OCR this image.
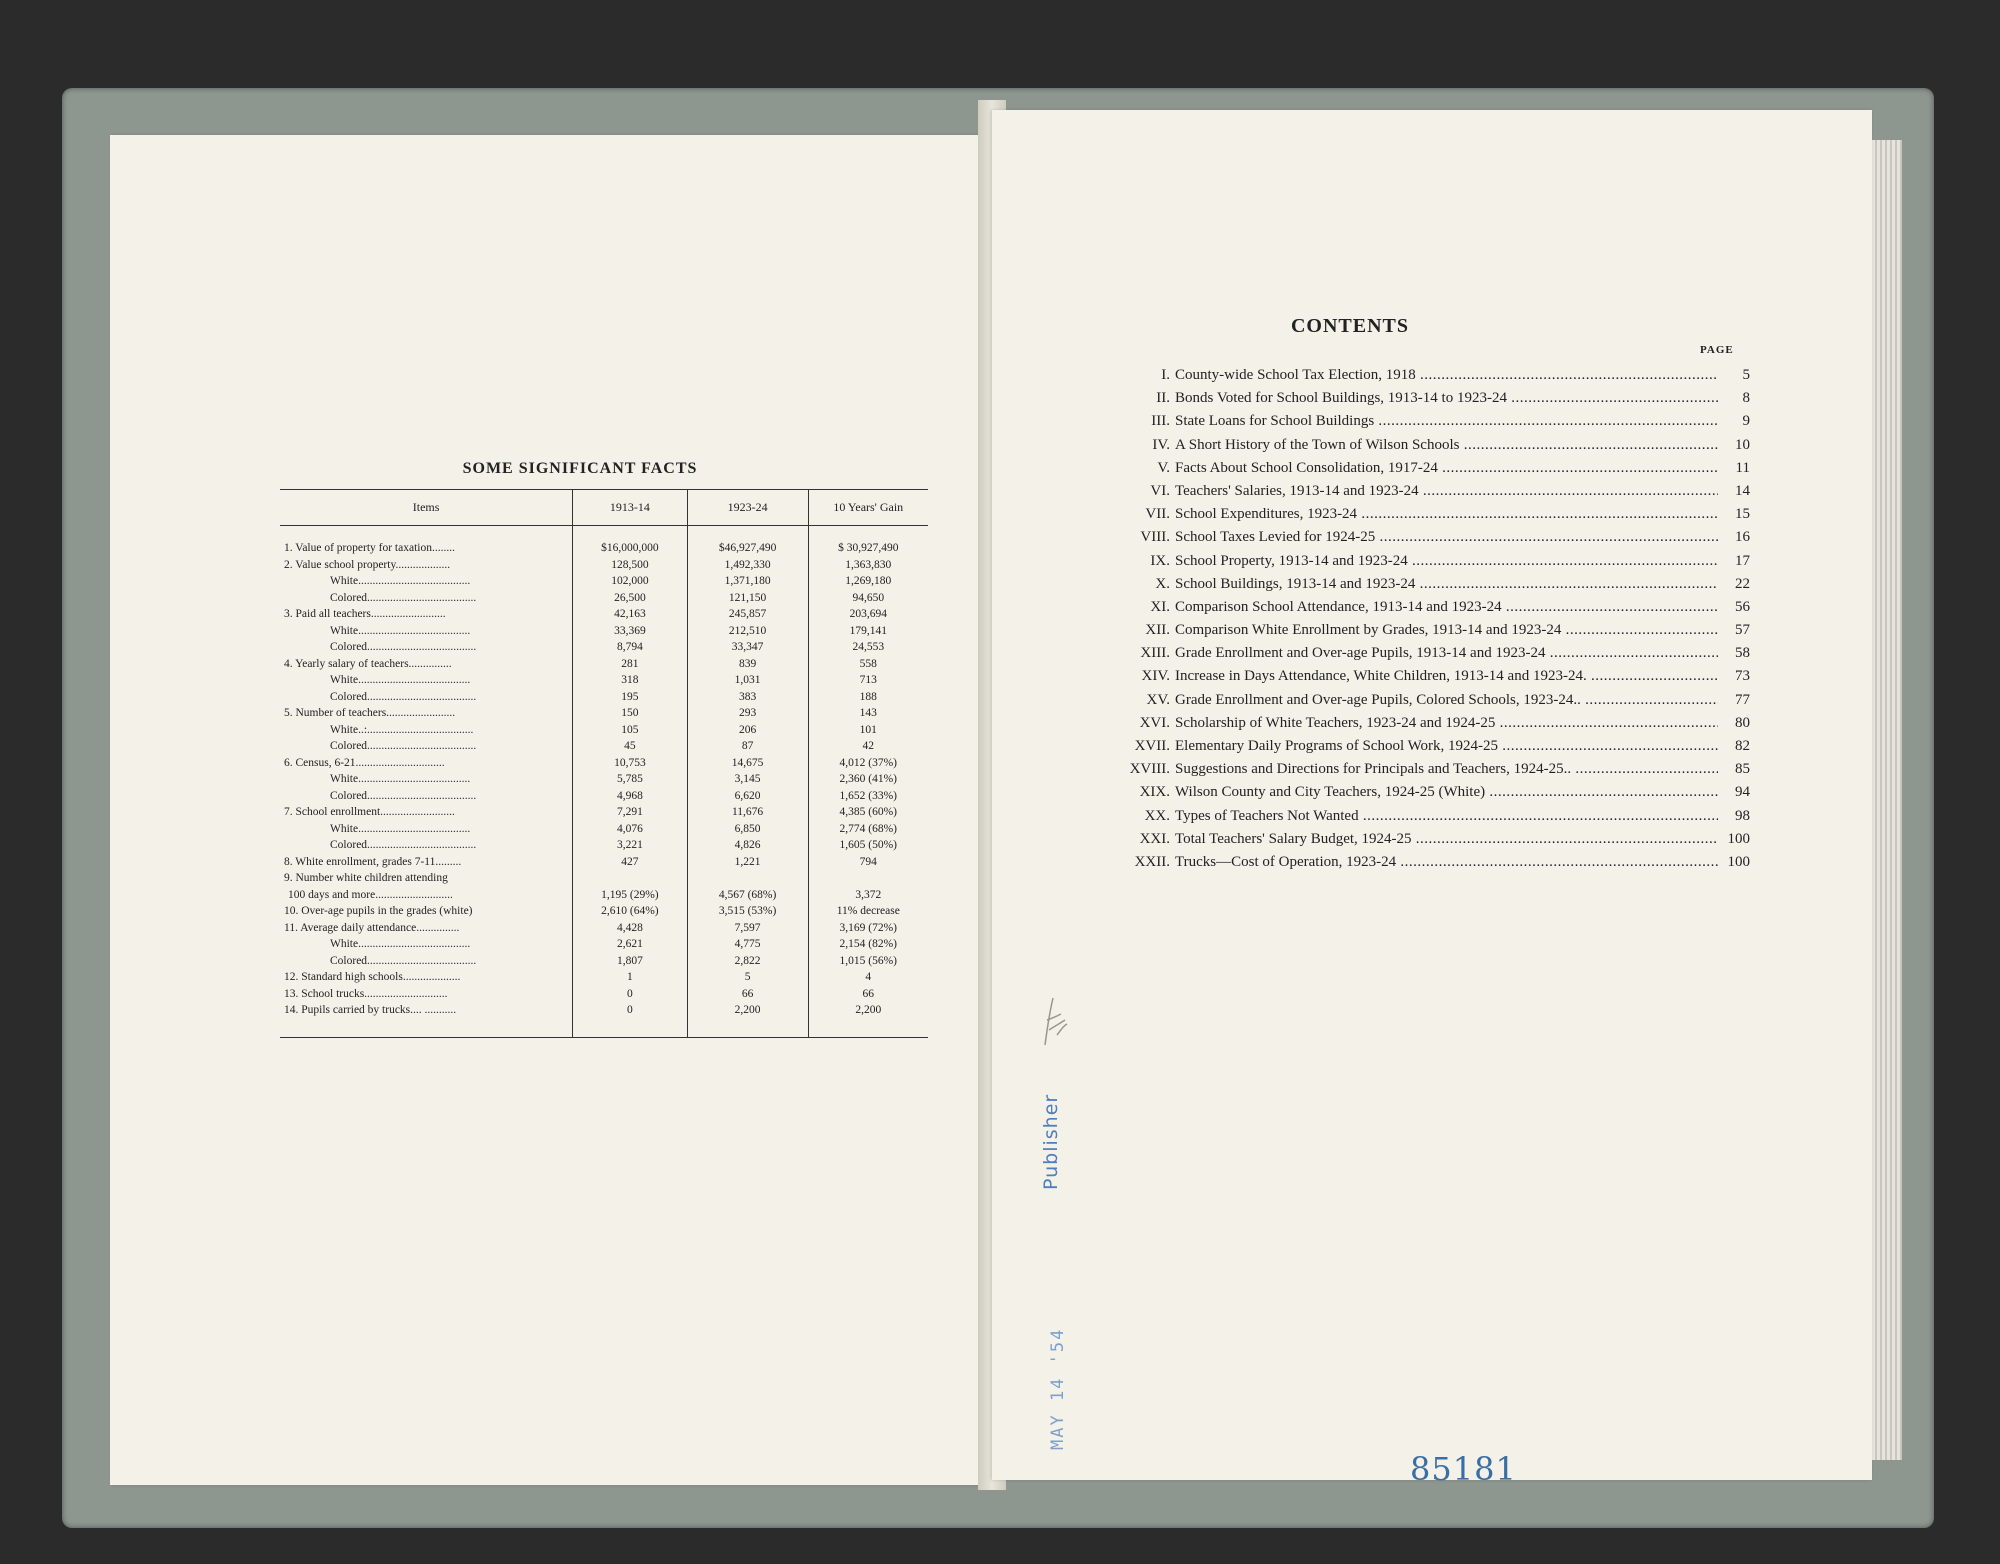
SOME SIGNIFICANT FACTS
Items	1913-14	1923-24	10 Years' Gain
1. Value of property for taxation........	$16,000,000	$46,927,490	$ 30,927,490
2. Value school property...................	128,500	1,492,330	1,363,830
White.......................................	102,000	1,371,180	1,269,180
Colored......................................	26,500	121,150	94,650
3. Paid all teachers..........................	42,163	245,857	203,694
White.......................................	33,369	212,510	179,141
Colored......................................	8,794	33,347	24,553
4. Yearly salary of teachers...............	281	839	558
White.......................................	318	1,031	713
Colored......................................	195	383	188
5. Number of teachers........................	150	293	143
White..:.....................................	105	206	101
Colored......................................	45	87	42
6. Census, 6-21...............................	10,753	14,675	4,012 (37%)
White.......................................	5,785	3,145	2,360 (41%)
Colored......................................	4,968	6,620	1,652 (33%)
7. School enrollment..........................	7,291	11,676	4,385 (60%)
White.......................................	4,076	6,850	2,774 (68%)
Colored......................................	3,221	4,826	1,605 (50%)
8. White enrollment, grades 7-11.........	427	1,221	794
9. Number white children attending			
100 days and more...........................	1,195 (29%)	4,567 (68%)	3,372
10. Over-age pupils in the grades (white)	2,610 (64%)	3,515 (53%)	11% decrease
11. Average daily attendance...............	4,428	7,597	3,169 (72%)
White.......................................	2,621	4,775	2,154 (82%)
Colored......................................	1,807	2,822	1,015 (56%)
12. Standard high schools....................	1	5	4
13. School trucks.............................	0	66	66
14. Pupils carried by trucks.... ...........	0	2,200	2,200
CONTENTS
PAGE
I. County-wide School Tax Election, 1918 .....	5
II. Bonds Voted for School Buildings, 1913-14 to 1923-24 .....	8
III. State Loans for School Buildings .....	9
IV. A Short History of the Town of Wilson Schools .....	10
V. Facts About School Consolidation, 1917-24 .....	11
VI. Teachers' Salaries, 1913-14 and 1923-24 .....	14
VII. School Expenditures, 1923-24 .....	15
VIII. School Taxes Levied for 1924-25 .....	16
IX. School Property, 1913-14 and 1923-24 .....	17
X. School Buildings, 1913-14 and 1923-24 .....	22
XI. Comparison School Attendance, 1913-14 and 1923-24 .....	56
XII. Comparison White Enrollment by Grades, 1913-14 and 1923-24 .....	57
XIII. Grade Enrollment and Over-age Pupils, 1913-14 and 1923-24 .....	58
XIV. Increase in Days Attendance, White Children, 1913-14 and 1923-24. .....	73
XV. Grade Enrollment and Over-age Pupils, Colored Schools, 1923-24.. .....	77
XVI. Scholarship of White Teachers, 1923-24 and 1924-25 .....	80
XVII. Elementary Daily Programs of School Work, 1924-25 .....	82
XVIII. Suggestions and Directions for Principals and Teachers, 1924-25.. .....	85
XIX. Wilson County and City Teachers, 1924-25 (White) .....	94
XX. Types of Teachers Not Wanted .....	98
XXI. Total Teachers' Salary Budget, 1924-25 .....	100
XXII. Trucks—Cost of Operation, 1923-24 .....	100
Publisher
MAY 14 '54
85181
